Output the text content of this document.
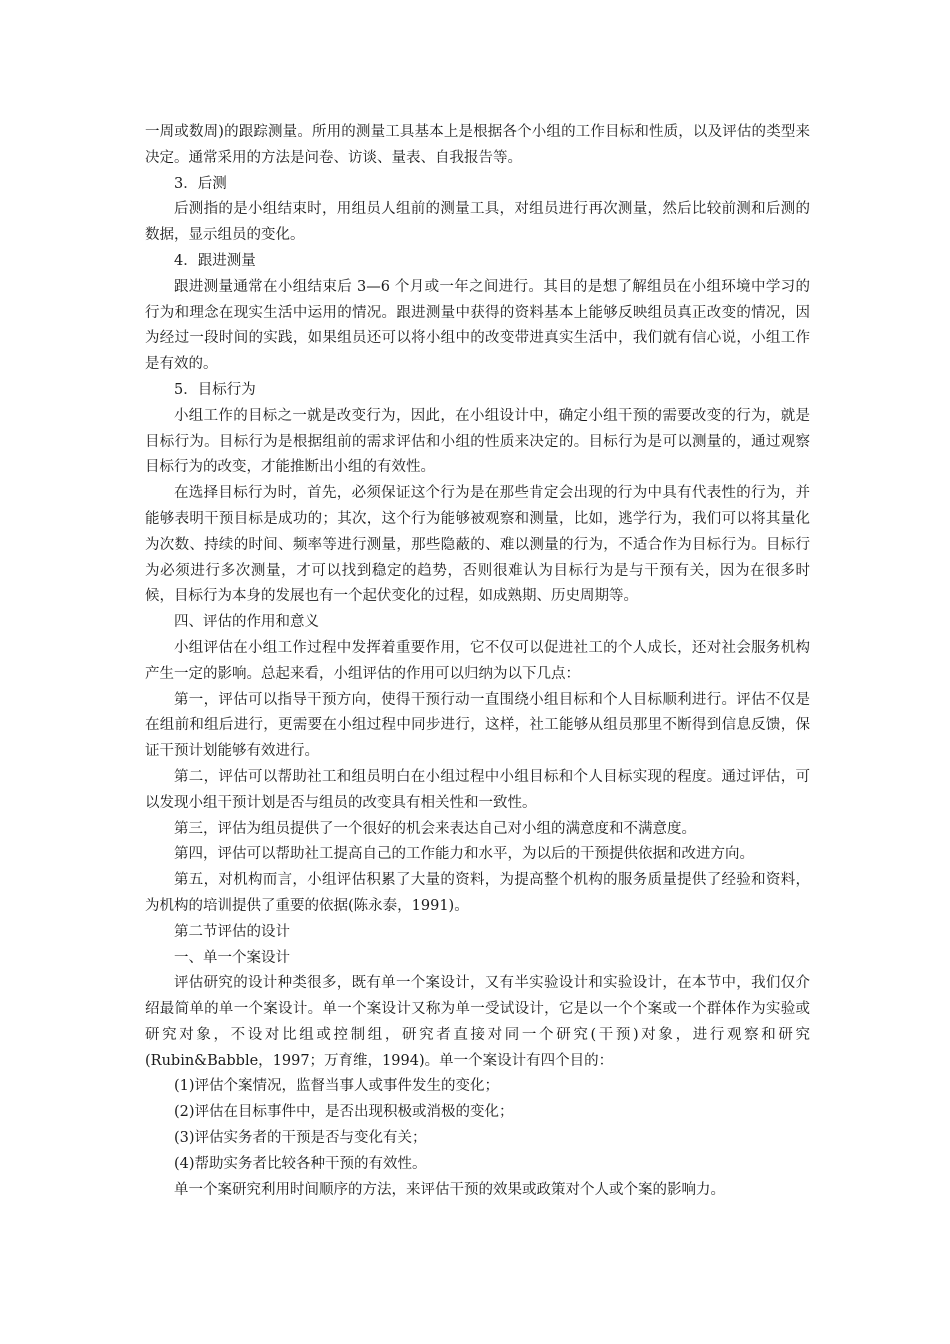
一周或数周)的跟踪测量。所用的测量工具基本上是根据各个小组的工作目标和性质，以及评估的类型来决定。通常采用的方法是问卷、访谈、量表、自我报告等。

3．后测

后测指的是小组结束时，用组员人组前的测量工具，对组员进行再次测量，然后比较前测和后测的数据，显示组员的变化。

4．跟进测量

跟进测量通常在小组结束后 3—6 个月或一年之间进行。其目的是想了解组员在小组环境中学习的行为和理念在现实生活中运用的情况。跟进测量中获得的资料基本上能够反映组员真正改变的情况，因为经过一段时间的实践，如果组员还可以将小组中的改变带进真实生活中，我们就有信心说，小组工作是有效的。

5．目标行为

小组工作的目标之一就是改变行为，因此，在小组设计中，确定小组干预的需要改变的行为，就是目标行为。目标行为是根据组前的需求评估和小组的性质来决定的。目标行为是可以测量的，通过观察目标行为的改变，才能推断出小组的有效性。

在选择目标行为时，首先，必须保证这个行为是在那些肯定会出现的行为中具有代表性的行为，并能够表明干预目标是成功的；其次，这个行为能够被观察和测量，比如，逃学行为，我们可以将其量化为次数、持续的时间、频率等进行测量，那些隐蔽的、难以测量的行为，不适合作为目标行为。目标行为必须进行多次测量，才可以找到稳定的趋势，否则很难认为目标行为是与干预有关，因为在很多时候，目标行为本身的发展也有一个起伏变化的过程，如成熟期、历史周期等。

四、评估的作用和意义

小组评估在小组工作过程中发挥着重要作用，它不仅可以促进社工的个人成长，还对社会服务机构产生一定的影响。总起来看，小组评估的作用可以归纳为以下几点：

第一，评估可以指导干预方向，使得干预行动一直围绕小组目标和个人目标顺利进行。评估不仅是在组前和组后进行，更需要在小组过程中同步进行，这样，社工能够从组员那里不断得到信息反馈，保证干预计划能够有效进行。

第二，评估可以帮助社工和组员明白在小组过程中小组目标和个人目标实现的程度。通过评估，可以发现小组干预计划是否与组员的改变具有相关性和一致性。

第三，评估为组员提供了一个很好的机会来表达自己对小组的满意度和不满意度。

第四，评估可以帮助社工提高自己的工作能力和水平，为以后的干预提供依据和改进方向。

第五，对机构而言，小组评估积累了大量的资料，为提高整个机构的服务质量提供了经验和资料，为机构的培训提供了重要的依据(陈永泰，1991)。

第二节评估的设计

一、单一个案设计

评估研究的设计种类很多，既有单一个案设计，又有半实验设计和实验设计，在本节中，我们仅介绍最简单的单一个案设计。单一个案设计又称为单一受试设计，它是以一个个案或一个群体作为实验或研究对象，不设对比组或控制组，研究者直接对同一个研究(干预)对象，进行观察和研究(Rubin&Babble，1997；万育维，1994)。单一个案设计有四个目的：

(1)评估个案情况，监督当事人或事件发生的变化；

(2)评估在目标事件中，是否出现积极或消极的变化；

(3)评估实务者的干预是否与变化有关；

(4)帮助实务者比较各种干预的有效性。

单一个案研究利用时间顺序的方法，来评估干预的效果或政策对个人或个案的影响力。
